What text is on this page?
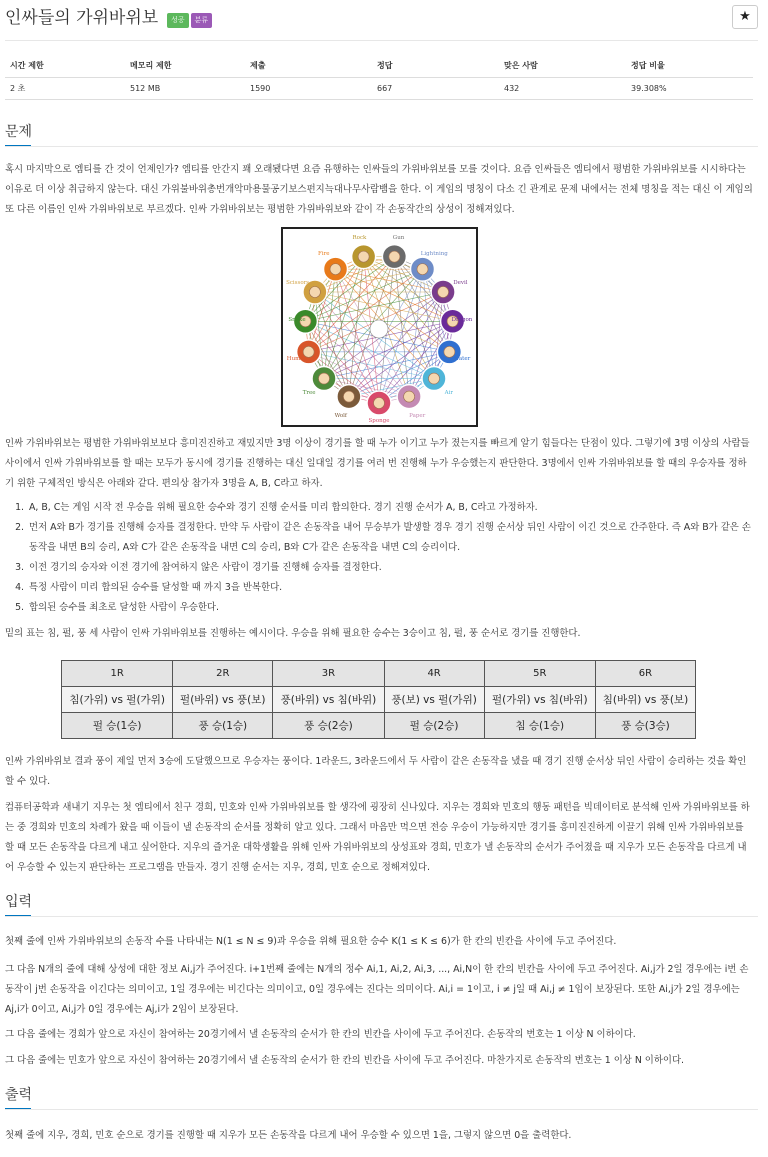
인싸들의 가위바위보	성공 분류	★
시간 제한	메모리 제한	제출	정답	맞은 사람	정답 비율
2 초	512 MB	1590	667	432	39.308%
문제
혹시 마지막으로 엠티를 간 것이 언제인가? 엠티를 안간지 꽤 오래됐다면 요즘 유행하는 인싸들의 가위바위보를 모를 것이다. 요즘 인싸들은 엠티에서 평범한 가위바위보를 시시하다는 이유로 더 이상 취급하지 않는다. 대신 가위불바위총번개악마용물공기보스펀지늑대나무사람뱀을 한다. 이 게임의 명칭이 다소 긴 관계로 문제 내에서는 전체 명칭을 적는 대신 이 게임의 또 다른 이름인 인싸 가위바위보로 부르겠다. 인싸 가위바위보는 평범한 가위바위보와 같이 각 손동작간의 상성이 정해져있다.
Rock	Gun
Lightning
Devil
Dragon
Water
Air
Paper
Sponge
Wolf
Tree
Human
Snake
Scissors
Fire
인싸 가위바위보는 평범한 가위바위보보다 흥미진진하고 재밌지만 3명 이상이 경기를 할 때 누가 이기고 누가 졌는지를 빠르게 알기 힘들다는 단점이 있다. 그렇기에 3명 이상의 사람들 사이에서 인싸 가위바위보를 할 때는 모두가 동시에 경기를 진행하는 대신 일대일 경기를 여러 번 진행해 누가 우승했는지 판단한다. 3명에서 인싸 가위바위보를 할 때의 우승자를 정하기 위한 구체적인 방식은 아래와 같다. 편의상 참가자 3명을 A, B, C라고 하자.
1. A, B, C는 게임 시작 전 우승을 위해 필요한 승수와 경기 진행 순서를 미리 합의한다. 경기 진행 순서가 A, B, C라고 가정하자.
2. 먼저 A와 B가 경기를 진행해 승자를 결정한다. 만약 두 사람이 같은 손동작을 내어 무승부가 발생할 경우 경기 진행 순서상 뒤인 사람이 이긴 것으로 간주한다. 즉 A와 B가 같은 손동작을 내면 B의 승리, A와 C가 같은 손동작을 내면 C의 승리, B와 C가 같은 손동작을 내면 C의 승리이다.
3. 이전 경기의 승자와 이전 경기에 참여하지 않은 사람이 경기를 진행해 승자를 결정한다.
4. 특정 사람이 미리 합의된 승수를 달성할 때 까지 3을 반복한다.
5. 합의된 승수를 최초로 달성한 사람이 우승한다.
밑의 표는 침, 펄, 풍 세 사람이 인싸 가위바위보를 진행하는 예시이다. 우승을 위해 필요한 승수는 3승이고 침, 펄, 풍 순서로 경기를 진행한다.
1R	2R	3R	4R	5R	6R
침(가위) vs 펄(가위)	펄(바위) vs 풍(보)	풍(바위) vs 침(바위)	풍(보) vs 펄(가위)	펄(가위) vs 침(바위)	침(바위) vs 풍(보)
펄 승(1승)	풍 승(1승)	풍 승(2승)	펄 승(2승)	침 승(1승)	풍 승(3승)
인싸 가위바위보 결과 풍이 제일 먼저 3승에 도달했으므로 우승자는 풍이다. 1라운드, 3라운드에서 두 사람이 같은 손동작을 냈을 때 경기 진행 순서상 뒤인 사람이 승리하는 것을 확인할 수 있다.
컴퓨터공학과 새내기 지우는 첫 엠티에서 친구 경희, 민호와 인싸 가위바위보를 할 생각에 굉장히 신나있다. 지우는 경희와 민호의 행동 패턴을 빅데이터로 분석해 인싸 가위바위보를 하는 중 경희와 민호의 차례가 왔을 때 이들이 낼 손동작의 순서를 정확히 알고 있다. 그래서 마음만 먹으면 전승 우승이 가능하지만 경기를 흥미진진하게 이끌기 위해 인싸 가위바위보를 할 때 모든 손동작을 다르게 내고 싶어한다. 지우의 즐거운 대학생활을 위해 인싸 가위바위보의 상성표와 경희, 민호가 낼 손동작의 순서가 주어졌을 때 지우가 모든 손동작을 다르게 내어 우승할 수 있는지 판단하는 프로그램을 만들자. 경기 진행 순서는 지우, 경희, 민호 순으로 정해져있다.
입력
첫째 줄에 인싸 가위바위보의 손동작 수를 나타내는 N(1 ≤ N ≤ 9)과 우승을 위해 필요한 승수 K(1 ≤ K ≤ 6)가 한 칸의 빈칸을 사이에 두고 주어진다.
그 다음 N개의 줄에 대해 상성에 대한 정보 Ai,j가 주어진다. i+1번째 줄에는 N개의 정수 Ai,1, Ai,2, Ai,3, ..., Ai,N이 한 칸의 빈칸을 사이에 두고 주어진다. Ai,j가 2일 경우에는 i번 손동작이 j번 손동작을 이긴다는 의미이고, 1일 경우에는 비긴다는 의미이고, 0일 경우에는 진다는 의미이다. Ai,i = 1이고, i ≠ j일 때 Ai,j ≠ 1임이 보장된다. 또한 Ai,j가 2일 경우에는 Aj,i가 0이고, Ai,j가 0일 경우에는 Aj,i가 2임이 보장된다.
그 다음 줄에는 경희가 앞으로 자신이 참여하는 20경기에서 낼 손동작의 순서가 한 칸의 빈칸을 사이에 두고 주어진다. 손동작의 번호는 1 이상 N 이하이다.
그 다음 줄에는 민호가 앞으로 자신이 참여하는 20경기에서 낼 손동작의 순서가 한 칸의 빈칸을 사이에 두고 주어진다. 마찬가지로 손동작의 번호는 1 이상 N 이하이다.
출력
첫째 줄에 지우, 경희, 민호 순으로 경기를 진행할 때 지우가 모든 손동작을 다르게 내어 우승할 수 있으면 1을, 그렇지 않으면 0을 출력한다.
